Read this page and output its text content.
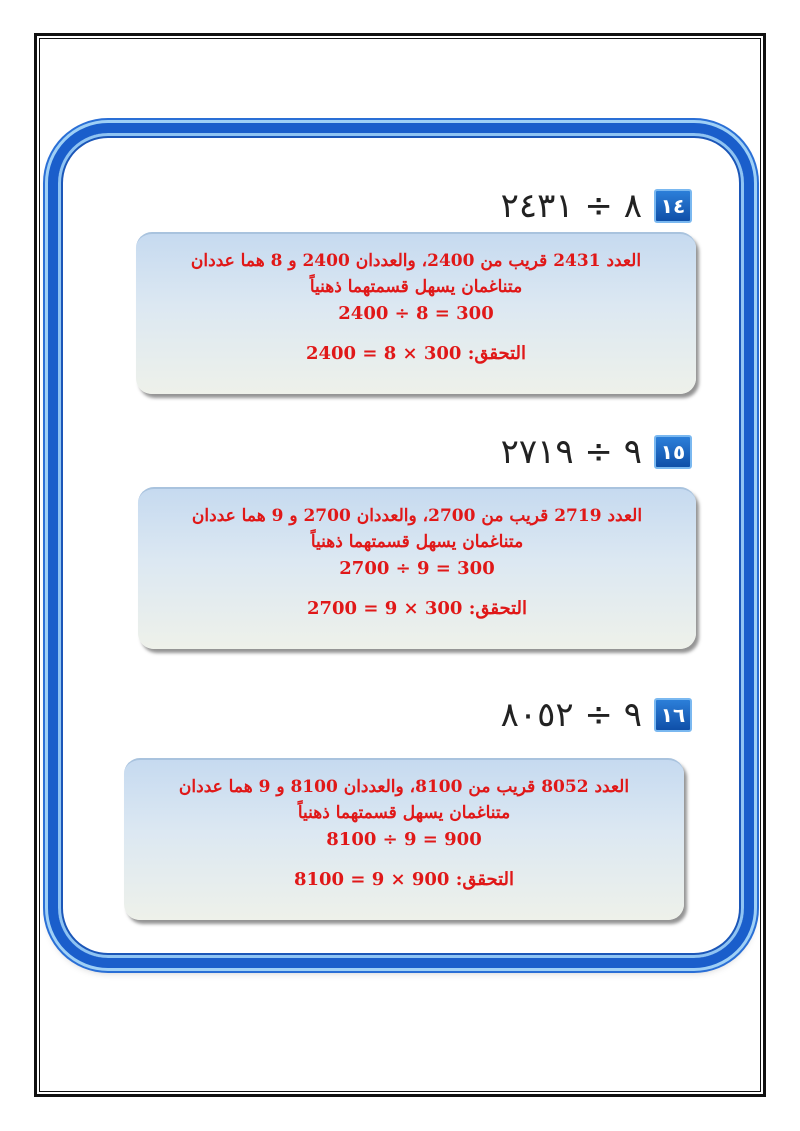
١٤
٨ ÷ ٢٤٣١
العدد 2431 قريب من 2400، والعددان 2400 و 8 هما عددان
متناغمان يسهل قسمتهما ذهنياً
300 = 8 ÷ 2400
التحقق: 300 × 8 = 2400
١٥
٩ ÷ ٢٧١٩
العدد 2719 قريب من 2700، والعددان 2700 و 9 هما عددان
متناغمان يسهل قسمتهما ذهنياً
300 = 9 ÷ 2700
التحقق: 300 × 9 = 2700
١٦
٩ ÷ ٨٠٥٢
العدد 8052 قريب من 8100، والعددان 8100 و 9 هما عددان
متناغمان يسهل قسمتهما ذهنياً
900 = 9 ÷ 8100
التحقق: 900 × 9 = 8100
